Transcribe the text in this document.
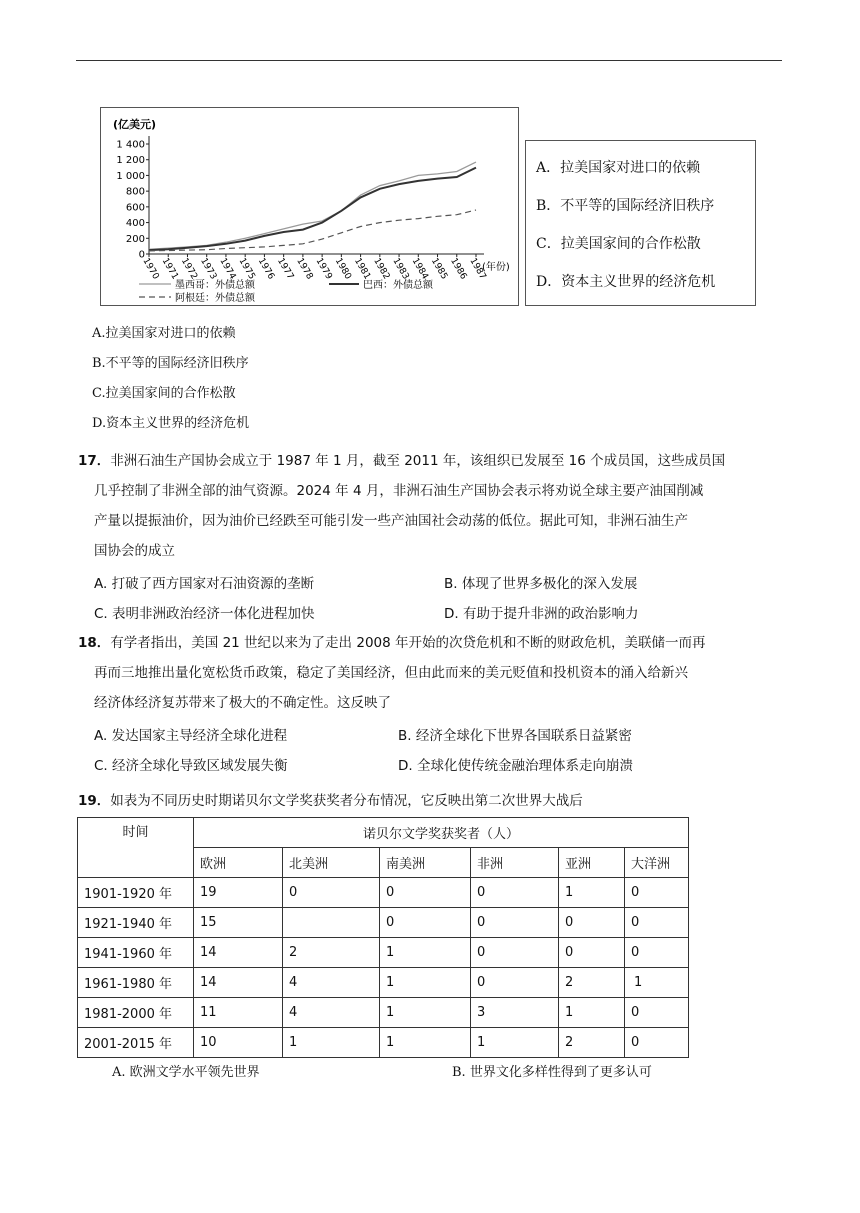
(亿美元)
0
200
400
600
800
1 000
1 200
1 400
1970 1971 1972 1973 1974 1975 1976 1977 1978 1979 1980 1981 1982 1983 1984 1985 1986 1987
(年份)
墨西哥：外债总额	巴西：外债总额
阿根廷：外债总额
A．拉美国家对进口的依赖
B．不平等的国际经济旧秩序
C．拉美国家间的合作松散
D．资本主义世界的经济危机
A.拉美国家对进口的依赖
B.不平等的国际经济旧秩序
C.拉美国家间的合作松散
D.资本主义世界的经济危机
17．非洲石油生产国协会成立于 1987 年 1 月，截至 2011 年，该组织已发展至 16 个成员国，这些成员国
几乎控制了非洲全部的油气资源。2024 年 4 月，非洲石油生产国协会表示将劝说全球主要产油国削减
产量以提振油价，因为油价已经跌至可能引发一些产油国社会动荡的低位。据此可知，非洲石油生产
国协会的成立
A. 打破了西方国家对石油资源的垄断	B. 体现了世界多极化的深入发展
C. 表明非洲政治经济一体化进程加快	D. 有助于提升非洲的政治影响力
18．有学者指出，美国 21 世纪以来为了走出 2008 年开始的次贷危机和不断的财政危机，美联储一而再
再而三地推出量化宽松货币政策，稳定了美国经济，但由此而来的美元贬值和投机资本的涌入给新兴
经济体经济复苏带来了极大的不确定性。这反映了
A. 发达国家主导经济全球化进程	B. 经济全球化下世界各国联系日益紧密
C. 经济全球化导致区域发展失衡	D. 全球化使传统金融治理体系走向崩溃
19．如表为不同历史时期诺贝尔文学奖获奖者分布情况，它反映出第二次世界大战后
时间	诺贝尔文学奖获奖者（人）					
	欧洲	北美洲	南美洲	非洲	亚洲	大洋洲
1901-1920 年	19	0	0	0	1	0
1921-1940 年	15		0	0	0	0
1941-1960 年	14	2	1	0	0	0
1961-1980 年	14	4	1	0	2	1
1981-2000 年	11	4	1	3	1	0
2001-2015 年	10	1	1	1	2	0
A. 欧洲文学水平领先世界	B. 世界文化多样性得到了更多认可
